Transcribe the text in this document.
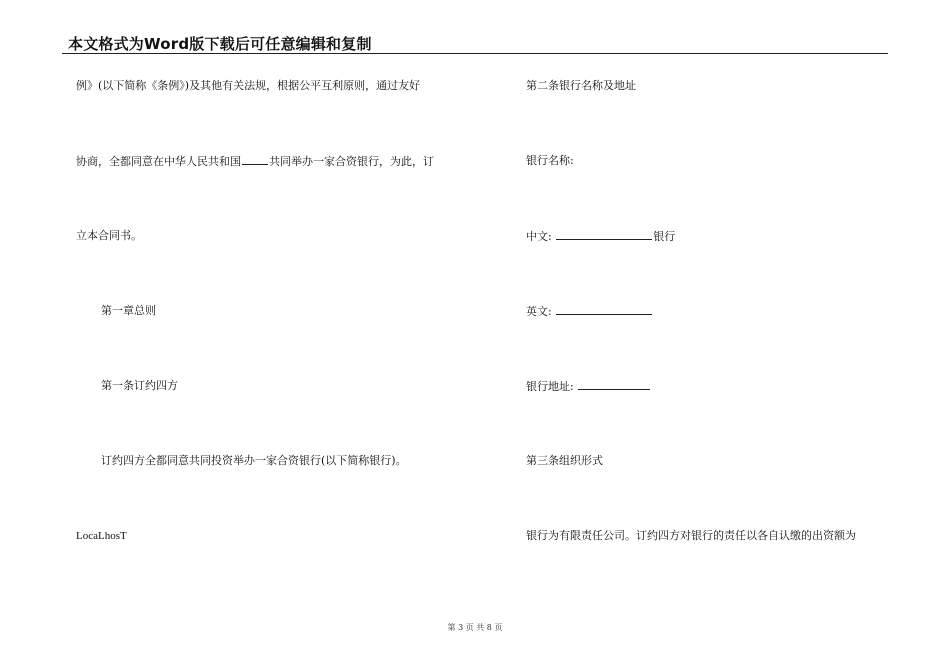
本文格式为Word版下载后可任意编辑和复制
例》(以下简称《条例》)及其他有关法规，根据公平互利原则，通过友好
协商，全都同意在中华人民共和国	共同举办一家合资银行，为此，订
立本合同书。
第一章总则
第一条订约四方
订约四方全都同意共同投资举办一家合资银行(以下简称银行)。
LocaLhosT
第二条银行名称及地址
银行名称:
中文:	银行
英文:
银行地址:
第三条组织形式
银行为有限责任公司。订约四方对银行的责任以各自认缴的出资额为
第 3 页 共 8 页
